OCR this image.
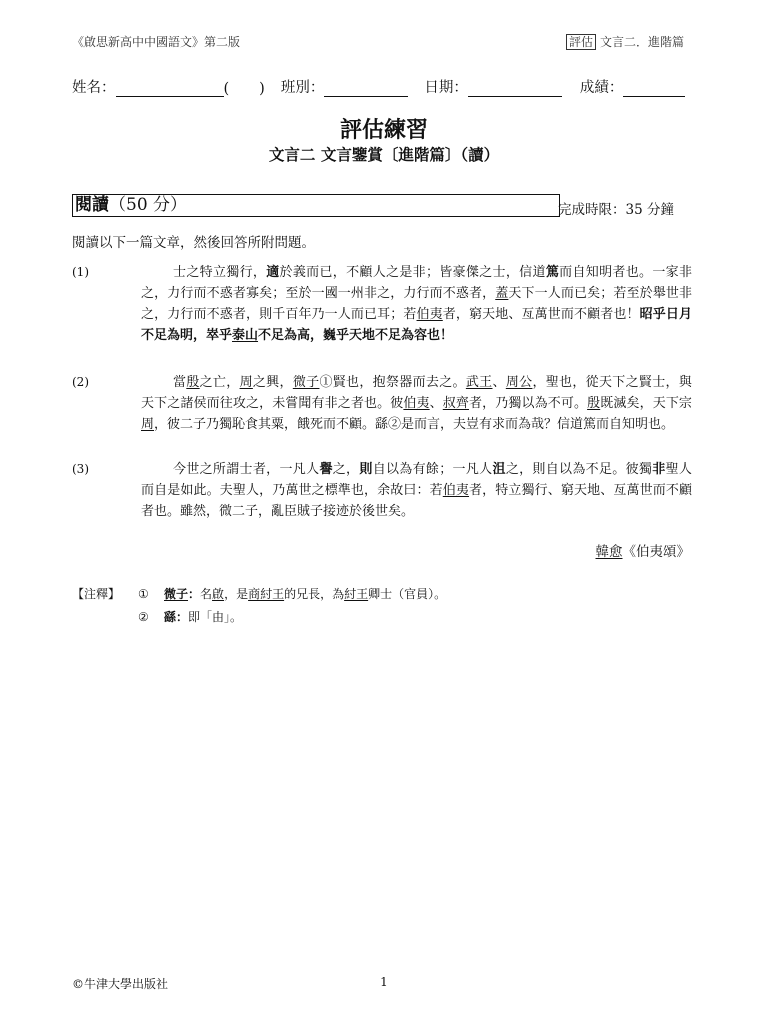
《啟思新高中中國語文》第二版	評估 文言二．進階篇
姓名：	( ) 班別：	日期：	成績：
評估練習
文言二 文言鑒賞〔進階篇〕（讀）
閱讀（50 分）	完成時限：35 分鐘
閱讀以下一篇文章，然後回答所附問題。
(1)	士之特立獨行，適於義而已，不顧人之是非；皆豪傑之士，信道篤而自知明者也。一家非之，力行而不惑者寡矣；至於一國一州非之，力行而不惑者，蓋天下一人而已矣；若至於舉世非之，力行而不惑者，則千百年乃一人而已耳；若伯夷者，窮天地、亙萬世而不顧者也！昭乎日月不足為明，崒乎泰山不足為高，巍乎天地不足為容也！
(2)	當殷之亡，周之興，微子①賢也，抱祭器而去之。武王、周公，聖也，從天下之賢士，與天下之諸侯而往攻之，未嘗聞有非之者也。彼伯夷、叔齊者，乃獨以為不可。殷既滅矣，天下宗周，彼二子乃獨恥食其粟，餓死而不顧。繇②是而言，夫豈有求而為哉？信道篤而自知明也。
(3)	今世之所謂士者，一凡人譽之，則自以為有餘；一凡人沮之，則自以為不足。彼獨非聖人而自是如此。夫聖人，乃萬世之標準也，余故曰：若伯夷者，特立獨行、窮天地、亙萬世而不顧者也。雖然，微二子，亂臣賊子接迹於後世矣。
韓愈《伯夷頌》
【注釋】	① 微子：名啟，是商紂王的兄長，為紂王卿士（官員）。
② 繇：即「由」。
©牛津大學出版社	1
